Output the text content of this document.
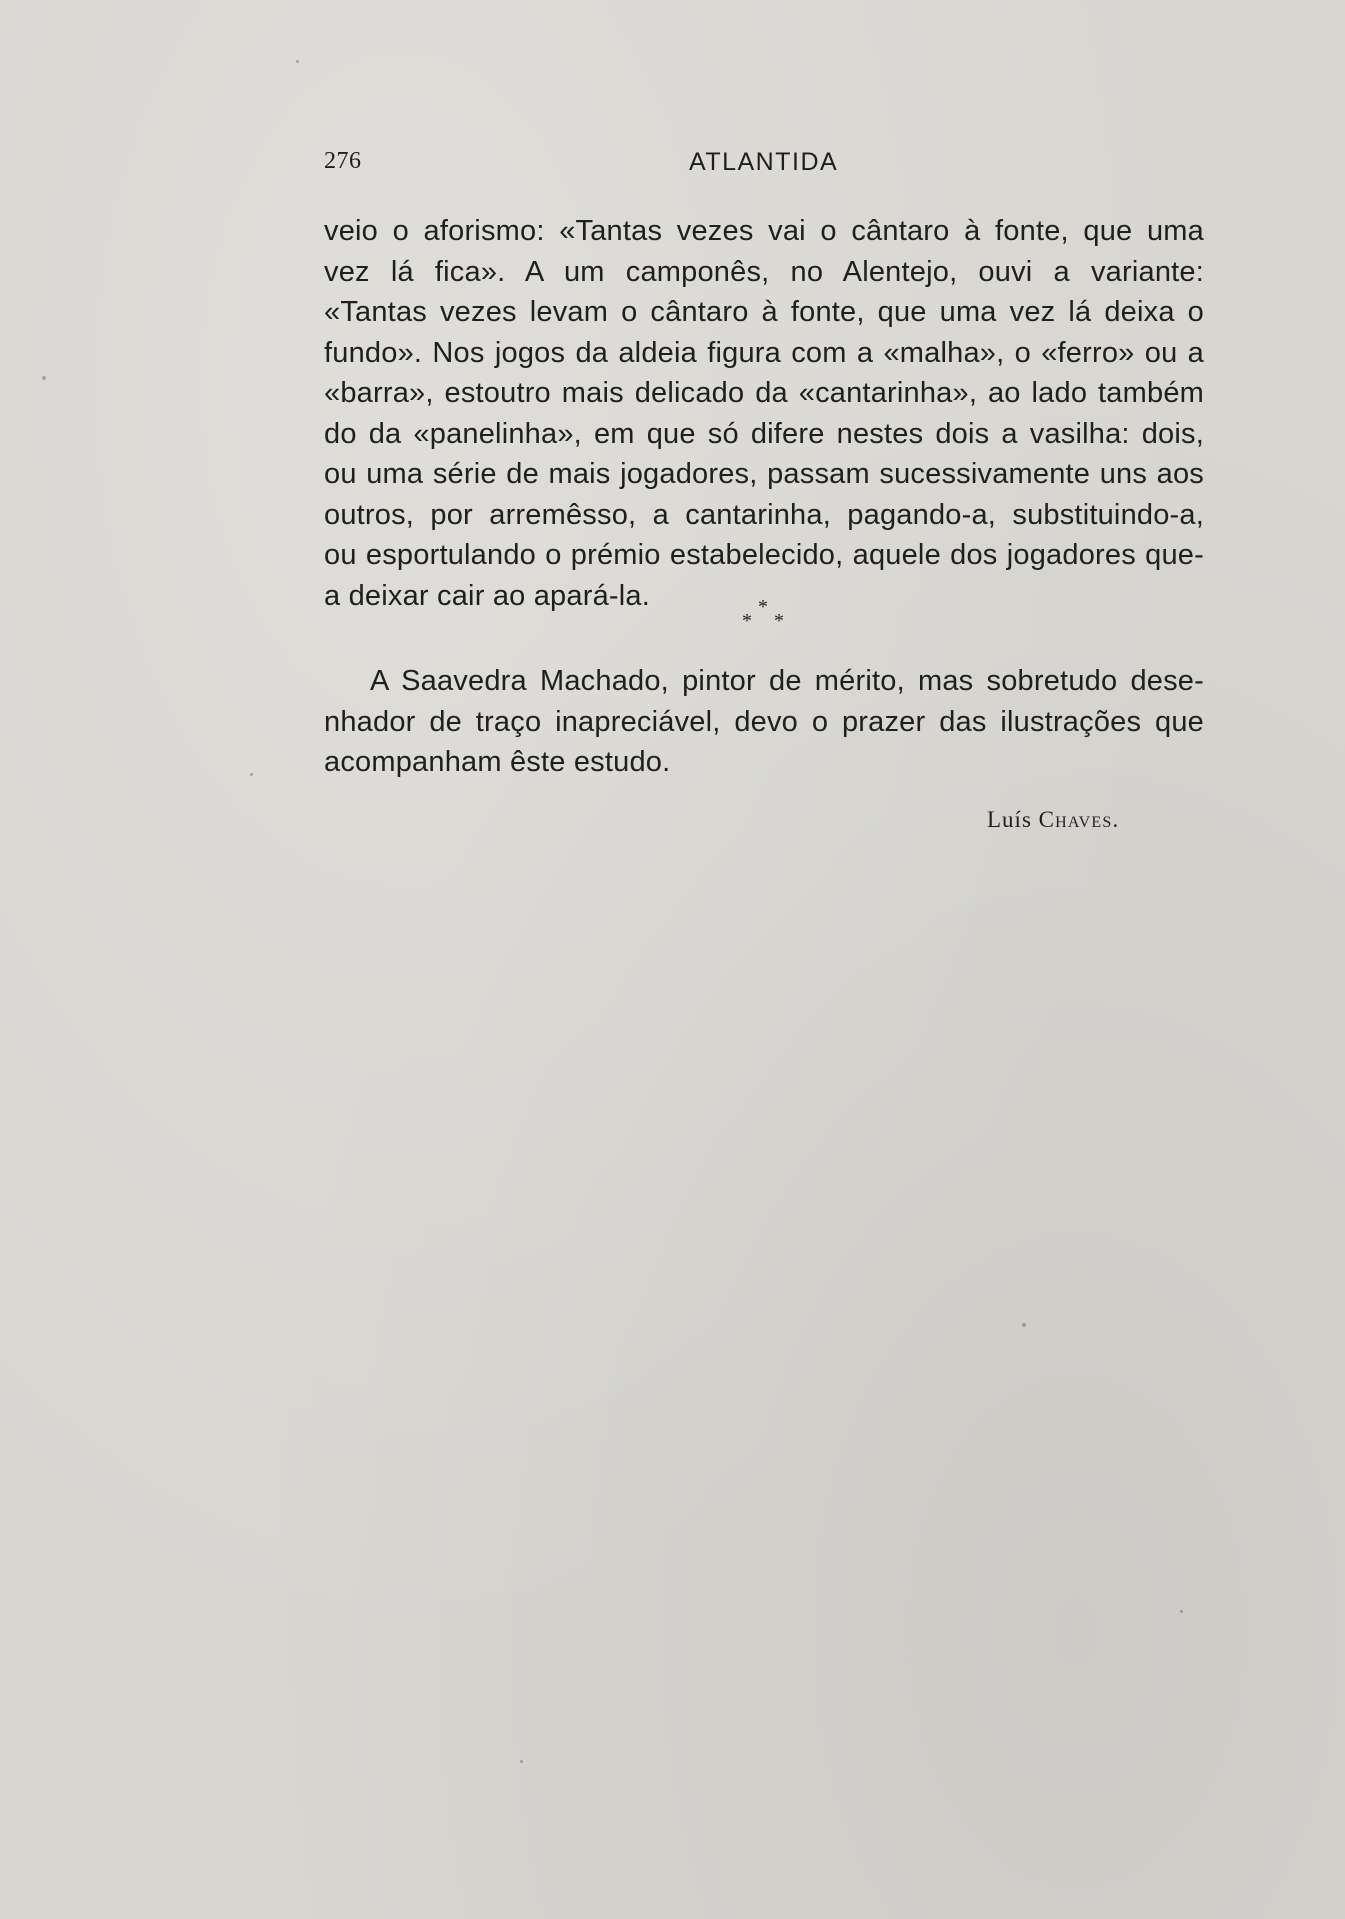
276	ATLANTIDA
veio o aforismo: «Tantas vezes vai o cântaro à fonte, que uma
vez lá fica». A um camponês, no Alentejo, ouvi a variante:
«Tantas vezes levam o cântaro à fonte, que uma vez lá deixa o
fundo». Nos jogos da aldeia figura com a «malha», o «ferro» ou a
«barra», estoutro mais delicado da «cantarinha», ao lado também
do da «panelinha», em que só difere nestes dois a vasilha: dois,
ou uma série de mais jogadores, passam sucessivamente uns aos
outros, por arremêsso, a cantarinha, pagando-a, substituindo-a,
ou esportulando o prémio estabelecido, aquele dos jogadores que-
a deixar cair ao apará-la.	*
* *
A Saavedra Machado, pintor de mérito, mas sobretudo dese-
nhador de traço inapreciável, devo o prazer das ilustrações que
acompanham êste estudo.
Luís Chaves.
